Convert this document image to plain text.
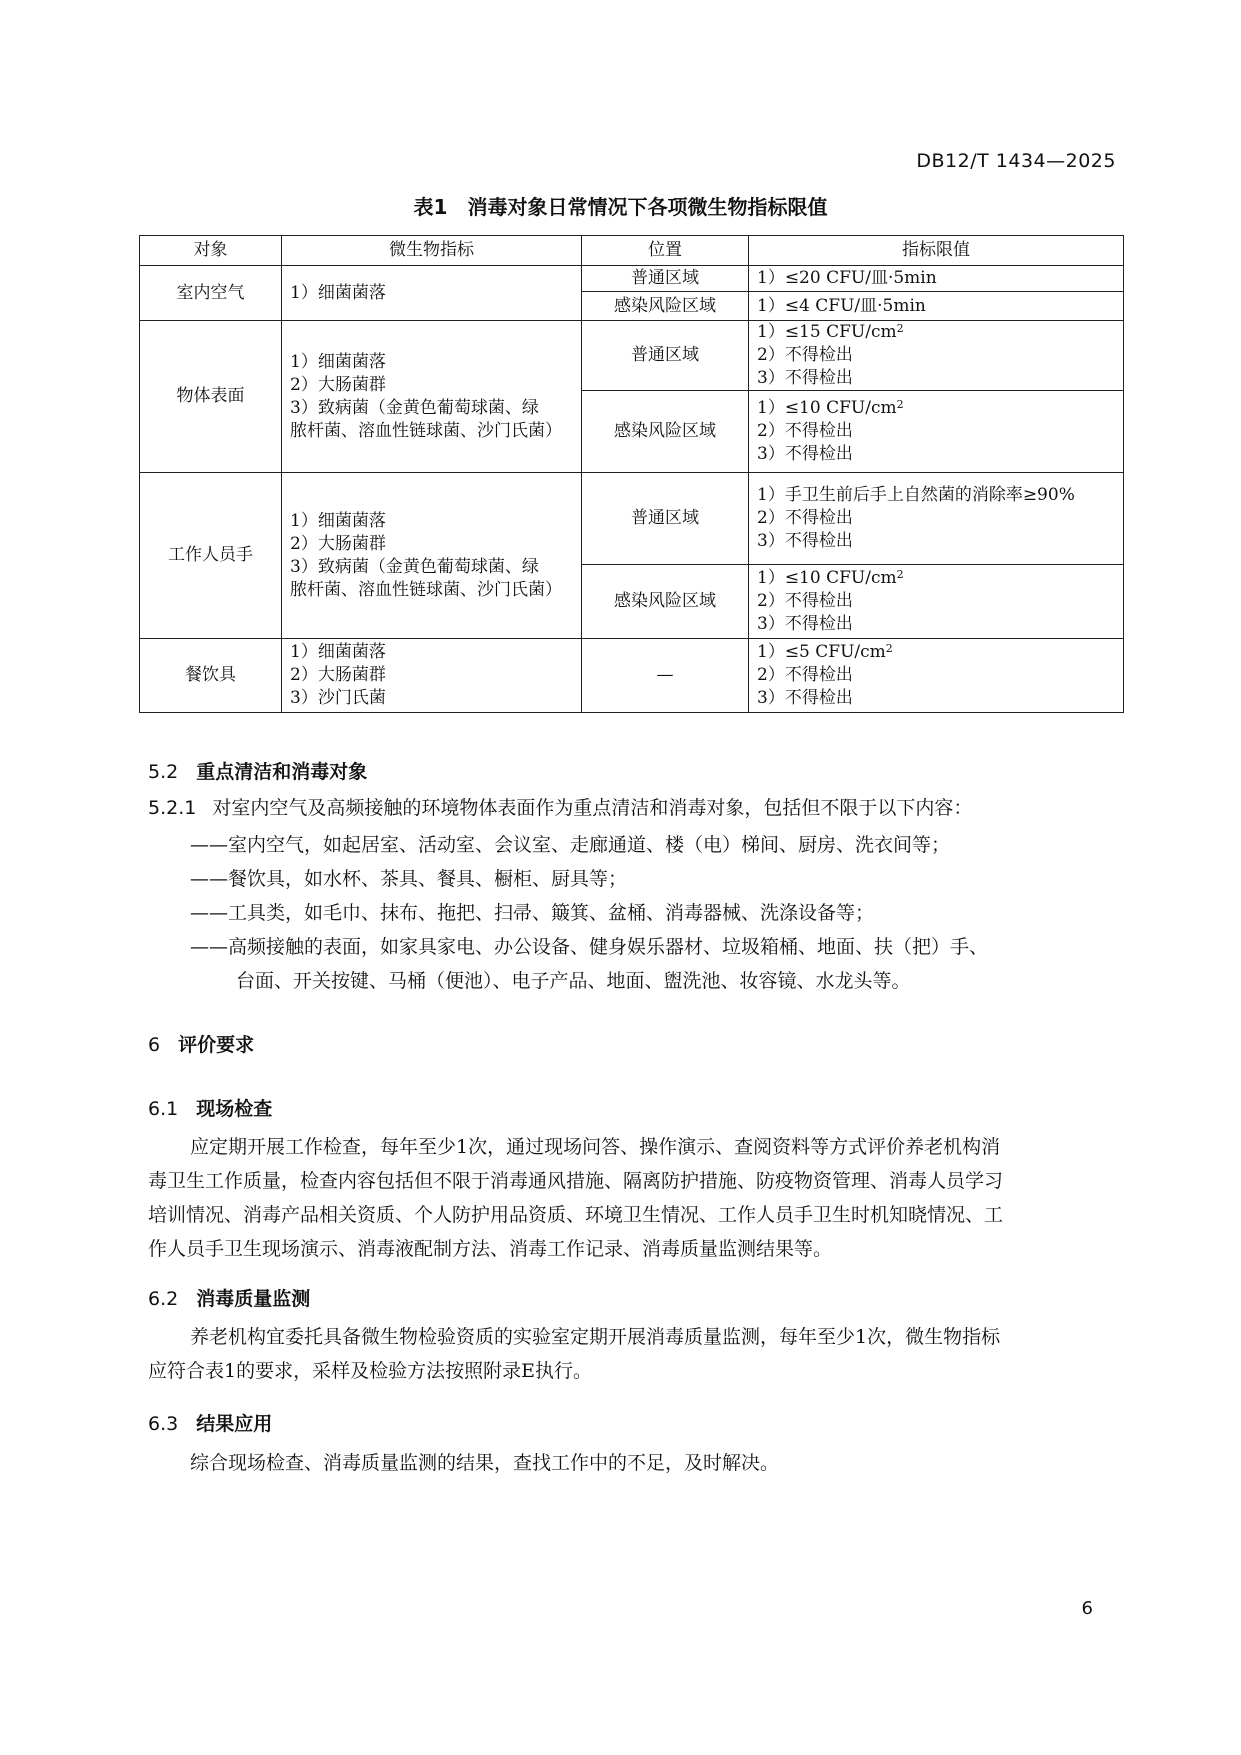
DB12/T 1434—2025
表1　消毒对象日常情况下各项微生物指标限值
对象	微生物指标	位置	指标限值
室内空气	1）细菌菌落	普通区域	1）≤20 CFU/皿·5min

		感染风险区域	1）≤4 CFU/皿·5min

物体表面	1）细菌菌落
2）大肠菌群
3）致病菌（金黄色葡萄球菌、绿
脓杆菌、溶血性链球菌、沙门氏菌）	普通区域	1）≤15 CFU/$cm^2$
2）不得检出
3）不得检出

		感染风险区域	1）≤10 CFU/$cm^2$
2）不得检出
3）不得检出

工作人员手	1）细菌菌落
2）大肠菌群
3）致病菌（金黄色葡萄球菌、绿
脓杆菌、溶血性链球菌、沙门氏菌）	普通区域	1）手卫生前后手上自然菌的消除率≥90%
2）不得检出
3）不得检出

		感染风险区域	1）≤10 CFU/$cm^2$
2）不得检出
3）不得检出

餐饮具	1）细菌菌落
2）大肠菌群
3）沙门氏菌	—	1）≤5 CFU/$cm^2$
2）不得检出
3）不得检出
5.2 重点清洁和消毒对象
5.2.1 对室内空气及高频接触的环境物体表面作为重点清洁和消毒对象，包括但不限于以下内容：
——室内空气，如起居室、活动室、会议室、走廊通道、楼（电）梯间、厨房、洗衣间等；
——餐饮具，如水杯、茶具、餐具、橱柜、厨具等；
——工具类，如毛巾、抹布、拖把、扫帚、簸箕、盆桶、消毒器械、洗涤设备等；
——高频接触的表面，如家具家电、办公设备、健身娱乐器材、垃圾箱桶、地面、扶（把）手、
台面、开关按键、马桶（便池）、电子产品、地面、盥洗池、妆容镜、水龙头等。
6 评价要求
6.1 现场检查
应定期开展工作检查，每年至少1次，通过现场问答、操作演示、查阅资料等方式评价养老机构消
毒卫生工作质量，检查内容包括但不限于消毒通风措施、隔离防护措施、防疫物资管理、消毒人员学习
培训情况、消毒产品相关资质、个人防护用品资质、环境卫生情况、工作人员手卫生时机知晓情况、工
作人员手卫生现场演示、消毒液配制方法、消毒工作记录、消毒质量监测结果等。
6.2 消毒质量监测
养老机构宜委托具备微生物检验资质的实验室定期开展消毒质量监测，每年至少1次，微生物指标
应符合表1的要求，采样及检验方法按照附录E执行。
6.3 结果应用
综合现场检查、消毒质量监测的结果，查找工作中的不足，及时解决。
6
